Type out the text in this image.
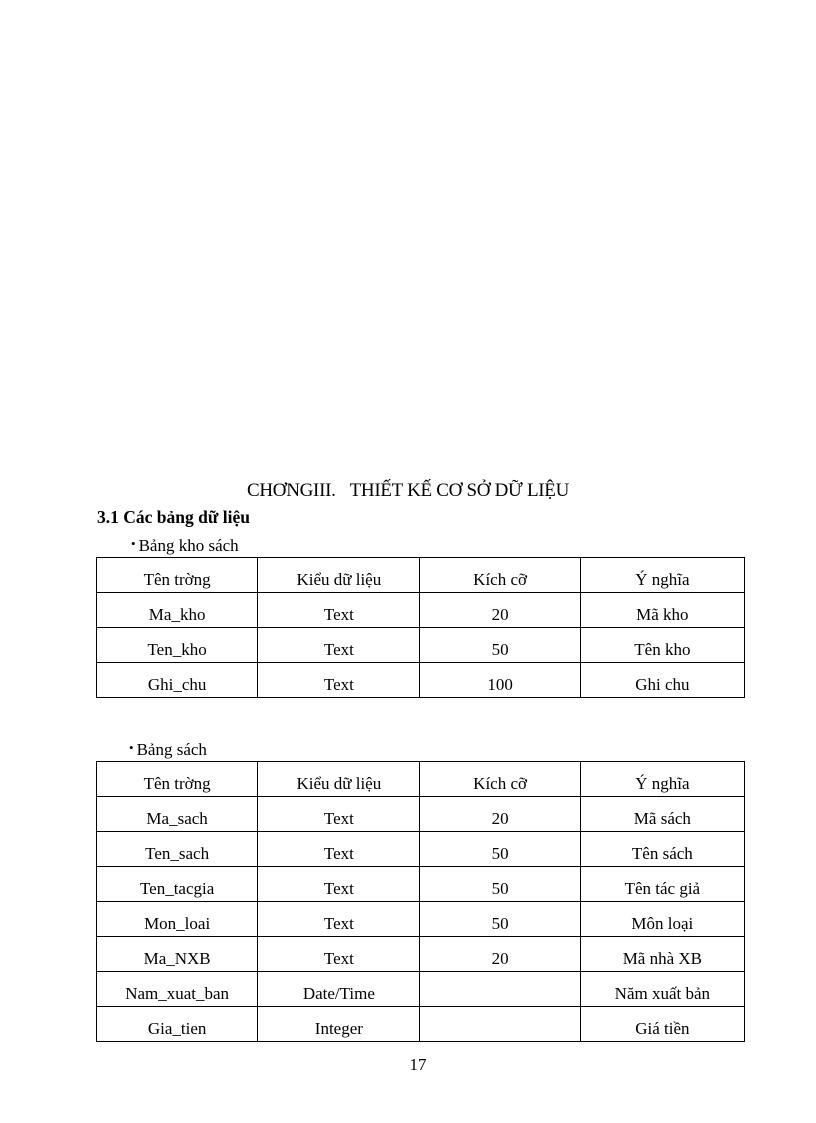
CHƠNGIII. THIẾT KẾ CƠ SỞ DỮ LIỆU
3.1 Các bảng dữ liệu

• Bảng kho sách

Tên trờng	Kiểu dữ liệu	Kích cỡ	Ý nghĩa
Ma_kho	Text	20	Mã kho
Ten_kho	Text	50	Tên kho
Ghi_chu	Text	100	Ghi chu

• Bảng sách

Tên trờng	Kiểu dữ liệu	Kích cỡ	Ý nghĩa
Ma_sach	Text	20	Mã sách
Ten_sach	Text	50	Tên sách
Ten_tacgia	Text	50	Tên tác giả
Mon_loai	Text	50	Môn loại
Ma_NXB	Text	20	Mã nhà XB
Nam_xuat_ban	Date/Time		Năm xuất bản
Gia_tien	Integer		Giá tiền

17
